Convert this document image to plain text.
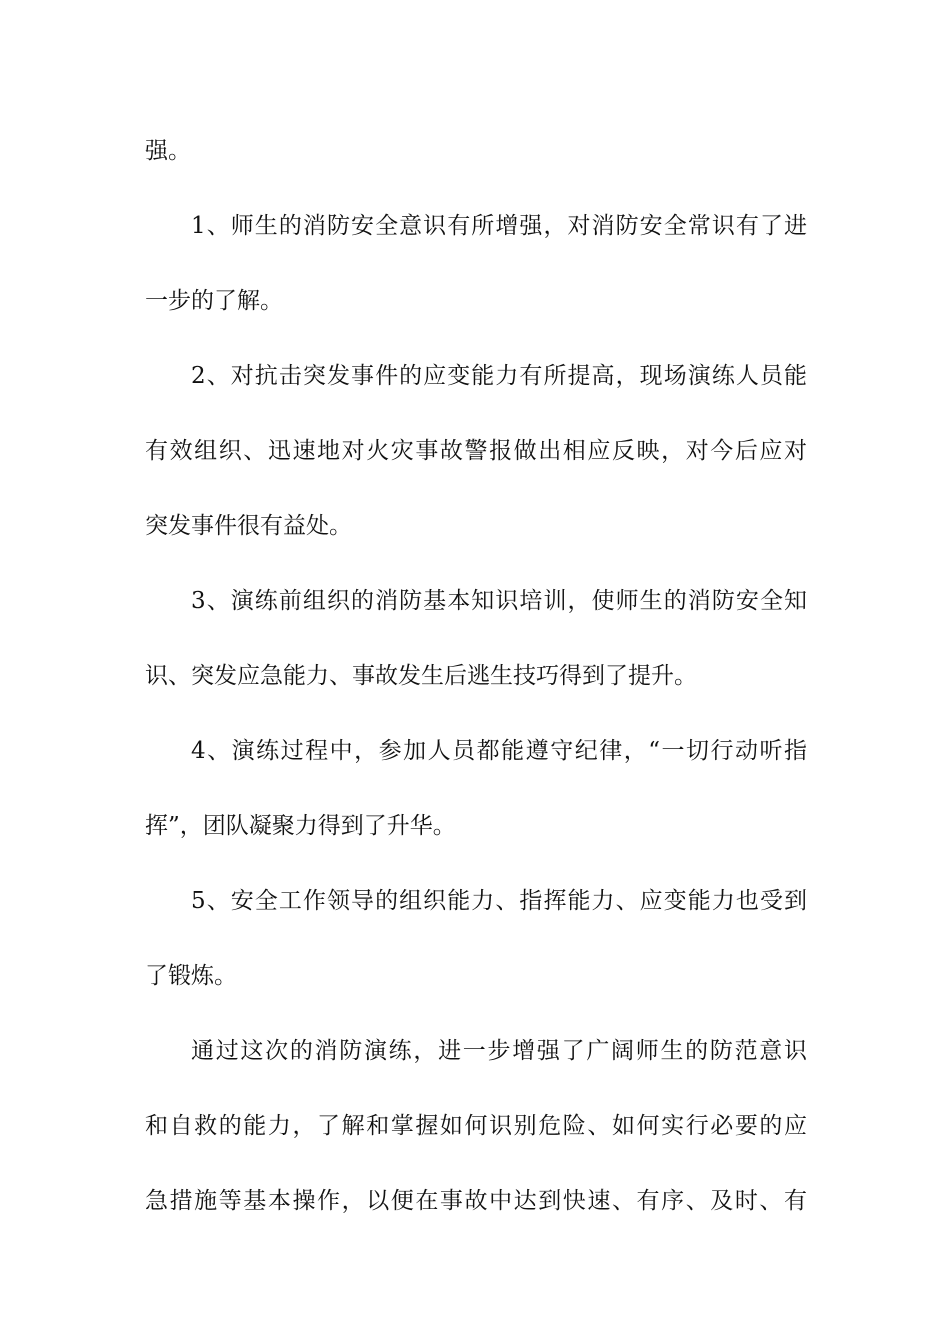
强。
1、师生的消防安全意识有所增强，对消防安全常识有了进
一步的了解。
2、对抗击突发事件的应变能力有所提高，现场演练人员能
有效组织、迅速地对火灾事故警报做出相应反映，对今后应对
突发事件很有益处。
3、演练前组织的消防基本知识培训，使师生的消防安全知
识、突发应急能力、事故发生后逃生技巧得到了提升。
4、演练过程中，参加人员都能遵守纪律，“一切行动听指
挥”，团队凝聚力得到了升华。
5、安全工作领导的组织能力、指挥能力、应变能力也受到
了锻炼。
通过这次的消防演练，进一步增强了广阔师生的防范意识
和自救的能力，了解和掌握如何识别危险、如何实行必要的应
急措施等基本操作，以便在事故中达到快速、有序、及时、有
